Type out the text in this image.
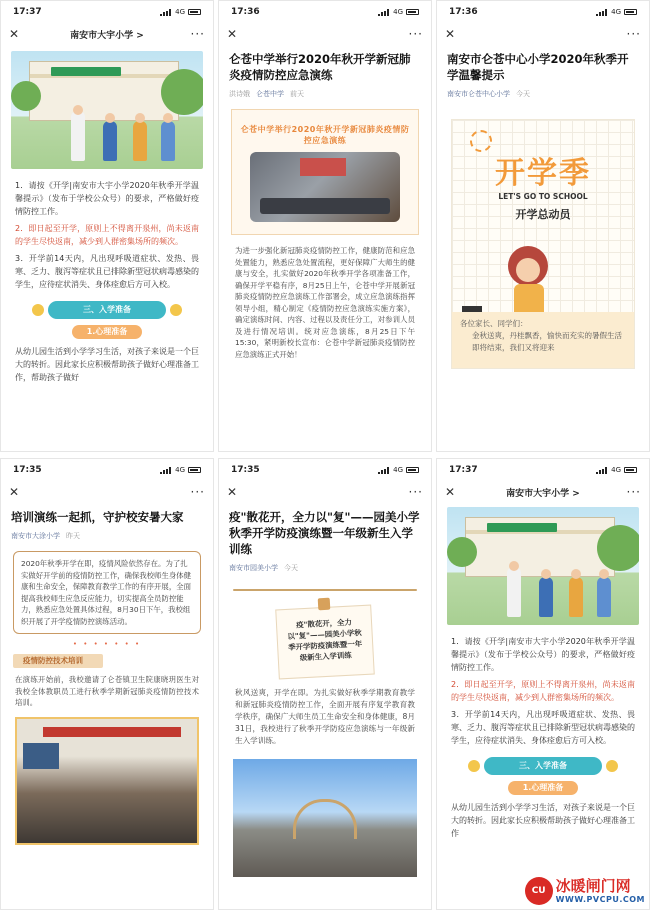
17:37	4G
✕	南安市大宇小学 >	···

1．请按《开学|南安市大宇小学2020年秋季开学温馨提示》（发布于学校公众号）的要求，严格做好疫情防控工作。

2．即日起至开学，原则上不得离开泉州，尚未返南的学生尽快返南，减少到人群密集场所的频次。

3．开学前14天内，凡出现呼吸道症状、发热、畏寒、乏力、腹泻等症状且已排除新型冠状病毒感染的学生，应待症状消失、身体痊愈后方可入校。

三、入学准备
1.心理准备

从幼儿园生活到小学学习生活，对孩子来说是一个巨大的转折。因此家长应积极帮助孩子做好心理准备工作，帮助孩子做好

17:36	4G
✕	···
仑苍中学举行2020年秋开学新冠肺炎疫情防控应急演练
洪诗娥 仑苍中学 前天
仑苍中学举行2020年秋开学新冠肺炎疫情防控应急演练

为进一步强化新冠肺炎疫情防控工作，健康防范和应急处置能力，熟悉应急处置流程，更好保障广大师生的健康与安全，扎实做好2020年秋季开学各项准备工作，确保开学平稳有序，8月25日上午，仑苍中学开展新冠肺炎疫情防控应急演练工作部署会，成立应急演练指挥领导小组，精心制定《疫情防控应急演练实施方案》，确定演练时间、内容、过程以及责任分工，对参训人员及进行情况培训。统对应急演练，8月25日下午15:30，紧明新校长宣布：仑苍中学新冠肺炎疫情防控应急演练正式开始！

17:36	4G
✕	···
南安市仑苍中心小学2020年秋季开学温馨提示
南安市仑苍中心小学 今天
开学季
LET'S GO TO SCHOOL
开学总动员
各位家长、同学们：
金秋送爽，丹桂飘香，愉快而充实的暑假生活即将结束，我们又将迎来
17:35	4G
✕	···
培训演练一起抓，守护校安暑大家
南安市大涂小学 昨天
2020年秋季开学在即，疫情风险依然存在。为了扎实做好开学前的疫情防控工作，确保我校师生身体健康和生命安全，保障教育教学工作的有序开展，全面提高我校师生应急反应能力，切实提高全员防控能力，熟悉应急处置具体过程，8月30日下午，我校组织开展了开学疫情防控演练活动。
• • • • • • •
疫情防控技术培训

在演练开始前，我校邀请了仑苍镇卫生院康晓玥医生对我校全体教职员工进行秋季学期新冠肺炎疫情防控技术培训。

17:35	4G
✕	···
疫"散花开，全力以"复"——园美小学秋季开学防疫演练暨一年级新生入学训练
南安市园美小学 今天
疫"散花开，全力以"复"——园美小学秋季开学防疫演练暨一年级新生入学训练

秋风送爽，开学在即。为扎实做好秋季学期教育教学和新冠肺炎疫情防控工作，全面开展有序复学教育教学秩序，确保广大师生员工生命安全和身体健康，8月31日，我校进行了秋季开学防疫应急演练与一年级新生入学训练。

17:37	4G
✕	南安市大宇小学 >	···

1．请按《开学|南安市大宇小学2020年秋季开学温馨提示》（发布于学校公众号）的要求，严格做好疫情防控工作。

2．即日起至开学，原则上不得离开泉州，尚未返南的学生尽快返南，减少到人群密集场所的频次。

3．开学前14天内，凡出现呼吸道症状、发热、畏寒、乏力、腹泻等症状且已排除新型冠状病毒感染的学生，应待症状消失、身体痊愈后方可入校。

三、入学准备
1.心理准备

从幼儿园生活到小学学习生活，对孩子来说是一个巨大的转折。因此家长应积极帮助孩子做好心理准备工作

CU 冰暖闸门网
WWW.PVCPU.COM
